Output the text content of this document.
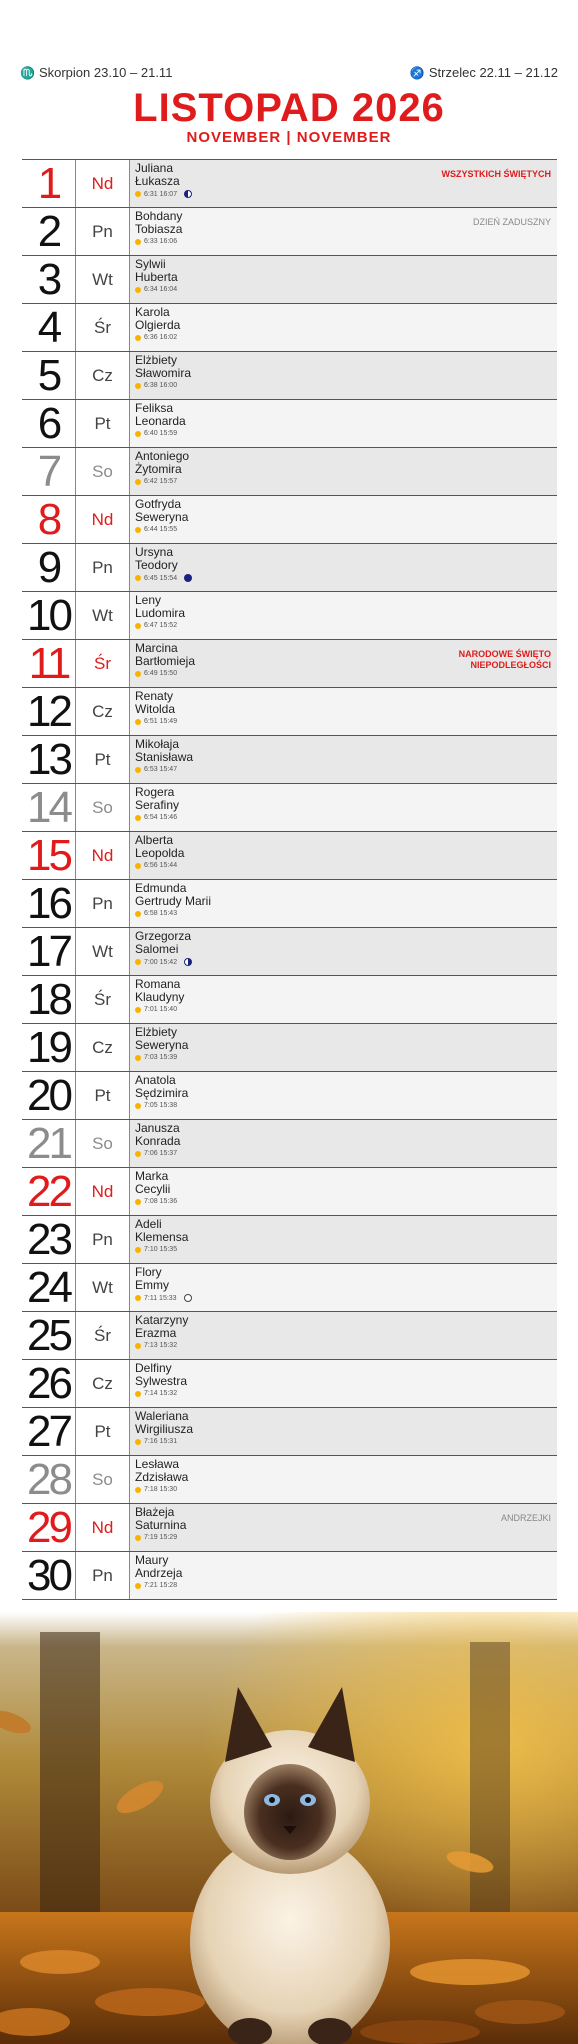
♏ Skorpion 23.10 – 21.11	♐ Strzelec 22.11 – 21.12
LISTOPAD 2026
NOVEMBER | NOVEMBER
1	Nd
Juliana
Łukasza
6:31 16:07
WSZYSTKICH ŚWIĘTYCH
2	Pn
Bohdany
Tobiasza
6:33 16:06
DZIEŃ ZADUSZNY
3	Wt
Sylwii
Huberta
6:34 16:04
4	Śr
Karola
Olgierda
6:36 16:02
5	Cz
Elżbiety
Sławomira
6:38 16:00
6	Pt
Feliksa
Leonarda
6:40 15:59
7	So
Antoniego
Żytomira
6:42 15:57
8	Nd
Gotfryda
Seweryna
6:44 15:55
9	Pn
Ursyna
Teodory
6:45 15:54
10	Wt
Leny
Ludomira
6:47 15:52
11	Śr
Marcina
Bartłomieja
6:49 15:50
NARODOWE ŚWIĘTO NIEPODLEGŁOŚCI
12	Cz
Renaty
Witolda
6:51 15:49
13	Pt
Mikołaja
Stanisława
6:53 15:47
14	So
Rogera
Serafiny
6:54 15:46
15	Nd
Alberta
Leopolda
6:56 15:44
16	Pn
Edmunda
Gertrudy Marii
6:58 15:43
17	Wt
Grzegorza
Salomei
7:00 15:42
18	Śr
Romana
Klaudyny
7:01 15:40
19	Cz
Elżbiety
Seweryna
7:03 15:39
20	Pt
Anatola
Sędzimira
7:05 15:38
21	So
Janusza
Konrada
7:06 15:37
22	Nd
Marka
Cecylii
7:08 15:36
23	Pn
Adeli
Klemensa
7:10 15:35
24	Wt
Flory
Emmy
7:11 15:33
25	Śr
Katarzyny
Erazma
7:13 15:32
26	Cz
Delfiny
Sylwestra
7:14 15:32
27	Pt
Waleriana
Wirgiliusza
7:16 15:31
28	So
Lesława
Zdzisława
7:18 15:30
29	Nd
Błażeja
Saturnina
7:19 15:29
ANDRZEJKI
30	Pn
Maury
Andrzeja
7:21 15:28
